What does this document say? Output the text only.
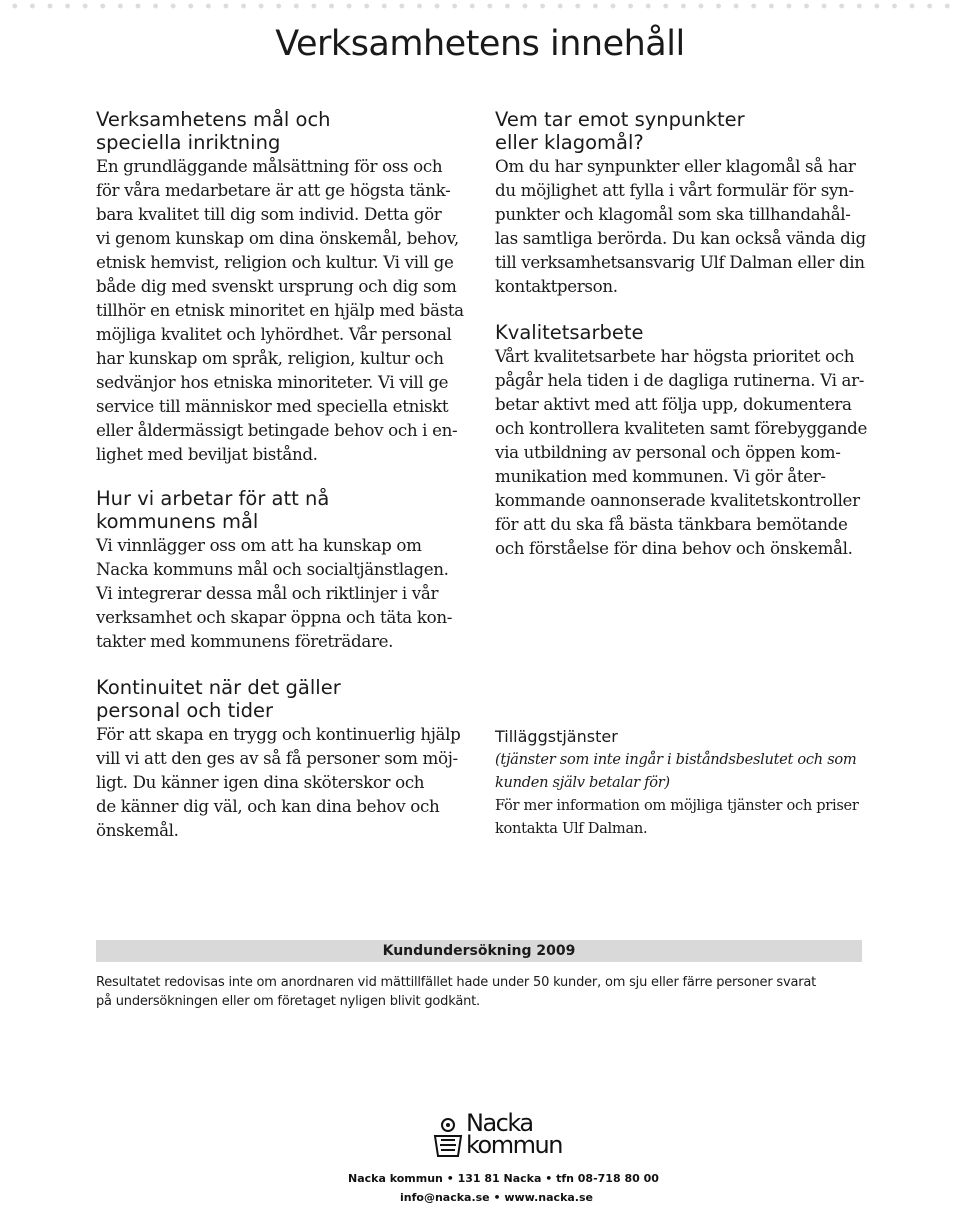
Verksamhetens innehåll
Verksamhetens mål och
speciella inriktning

En grundläggande målsättning för oss och
för våra medarbetare är att ge högsta tänk-
bara kvalitet till dig som individ. Detta gör
vi genom kunskap om dina önskemål, behov,
etnisk hemvist, religion och kultur. Vi vill ge
både dig med svenskt ursprung och dig som
tillhör en etnisk minoritet en hjälp med bästa
möjliga kvalitet och lyhördhet. Vår personal
har kunskap om språk, religion, kultur och
sedvänjor hos etniska minoriteter. Vi vill ge
service till människor med speciella etniskt
eller åldermässigt betingade behov och i en-
lighet med beviljat bistånd.

Hur vi arbetar för att nå
kommunens mål

Vi vinnlägger oss om att ha kunskap om
Nacka kommuns mål och socialtjänstlagen.
Vi integrerar dessa mål och riktlinjer i vår
verksamhet och skapar öppna och täta kon-
takter med kommunens företrädare.

Kontinuitet när det gäller
personal och tider

För att skapa en trygg och kontinuerlig hjälp
vill vi att den ges av så få personer som möj-
ligt. Du känner igen dina sköterskor och
de känner dig väl, och kan dina behov och
önskemål.

Vem tar emot synpunkter
eller klagomål?

Om du har synpunkter eller klagomål så har
du möjlighet att fylla i vårt formulär för syn-
punkter och klagomål som ska tillhandahål-
las samtliga berörda. Du kan också vända dig
till verksamhetsansvarig Ulf Dalman eller din
kontaktperson.

Kvalitetsarbete

Vårt kvalitetsarbete har högsta prioritet och
pågår hela tiden i de dagliga rutinerna. Vi ar-
betar aktivt med att följa upp, dokumentera
och kontrollera kvaliteten samt förebyggande
via utbildning av personal och öppen kom-
munikation med kommunen. Vi gör åter-
kommande oannonserade kvalitetskontroller
för att du ska få bästa tänkbara bemötande
och förståelse för dina behov och önskemål.

Tilläggstjänster

(tjänster som inte ingår i biståndsbeslutet och som
kunden själv betalar för)

För mer information om möjliga tjänster och priser
kontakta Ulf Dalman.

Kundundersökning 2009

Resultatet redovisas inte om anordnaren vid mättillfället hade under 50 kunder, om sju eller färre personer svarat
på undersökningen eller om företaget nyligen blivit godkänt.

Nacka
kommun
Nacka kommun • 131 81 Nacka • tfn 08-718 80 00
info@nacka.se • www.nacka.se
